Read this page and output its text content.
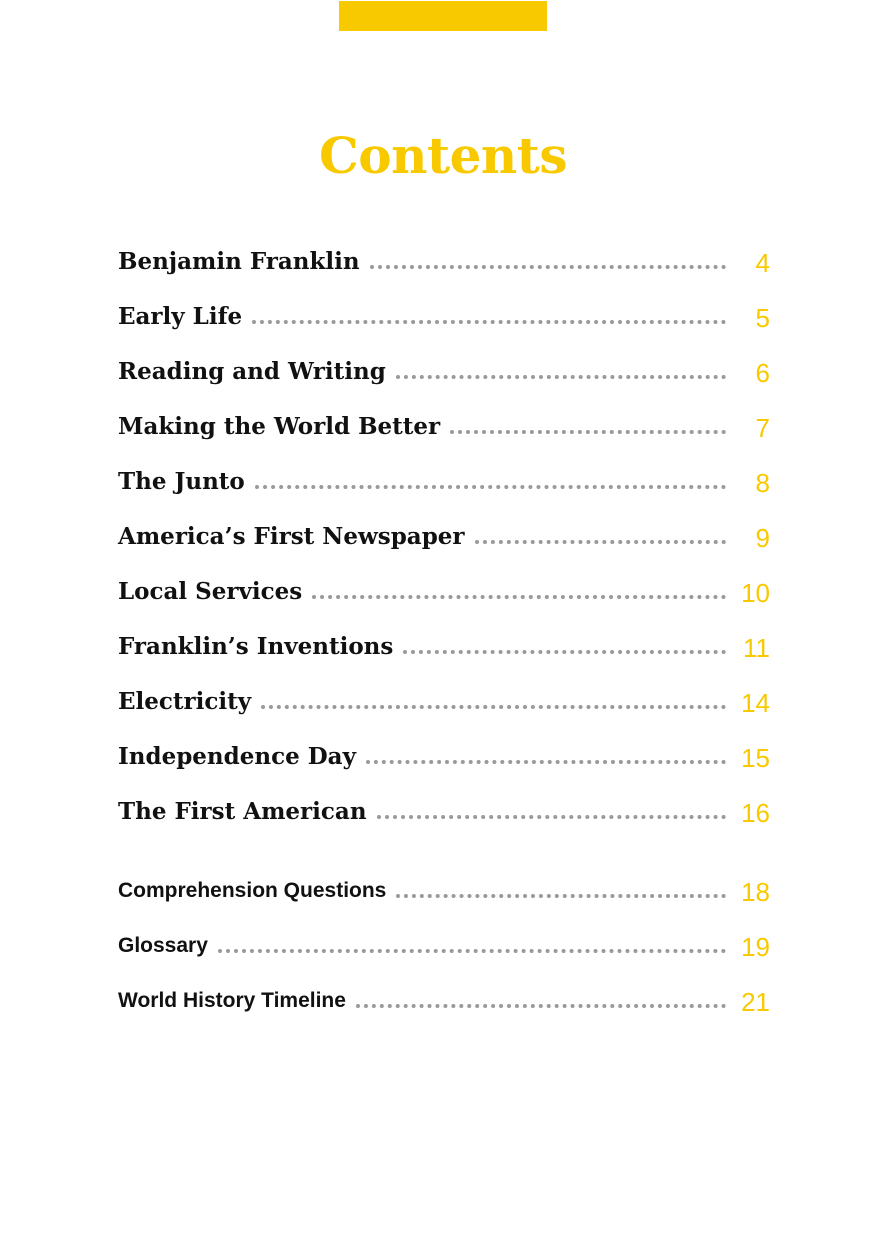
Contents
Benjamin Franklin	4
Early Life	5
Reading and Writing	6
Making the World Better	7
The Junto	8
America’s First Newspaper	9
Local Services	10
Franklin’s Inventions	11
Electricity	14
Independence Day	15
The First American	16
Comprehension Questions	18
Glossary	19
World History Timeline	21
